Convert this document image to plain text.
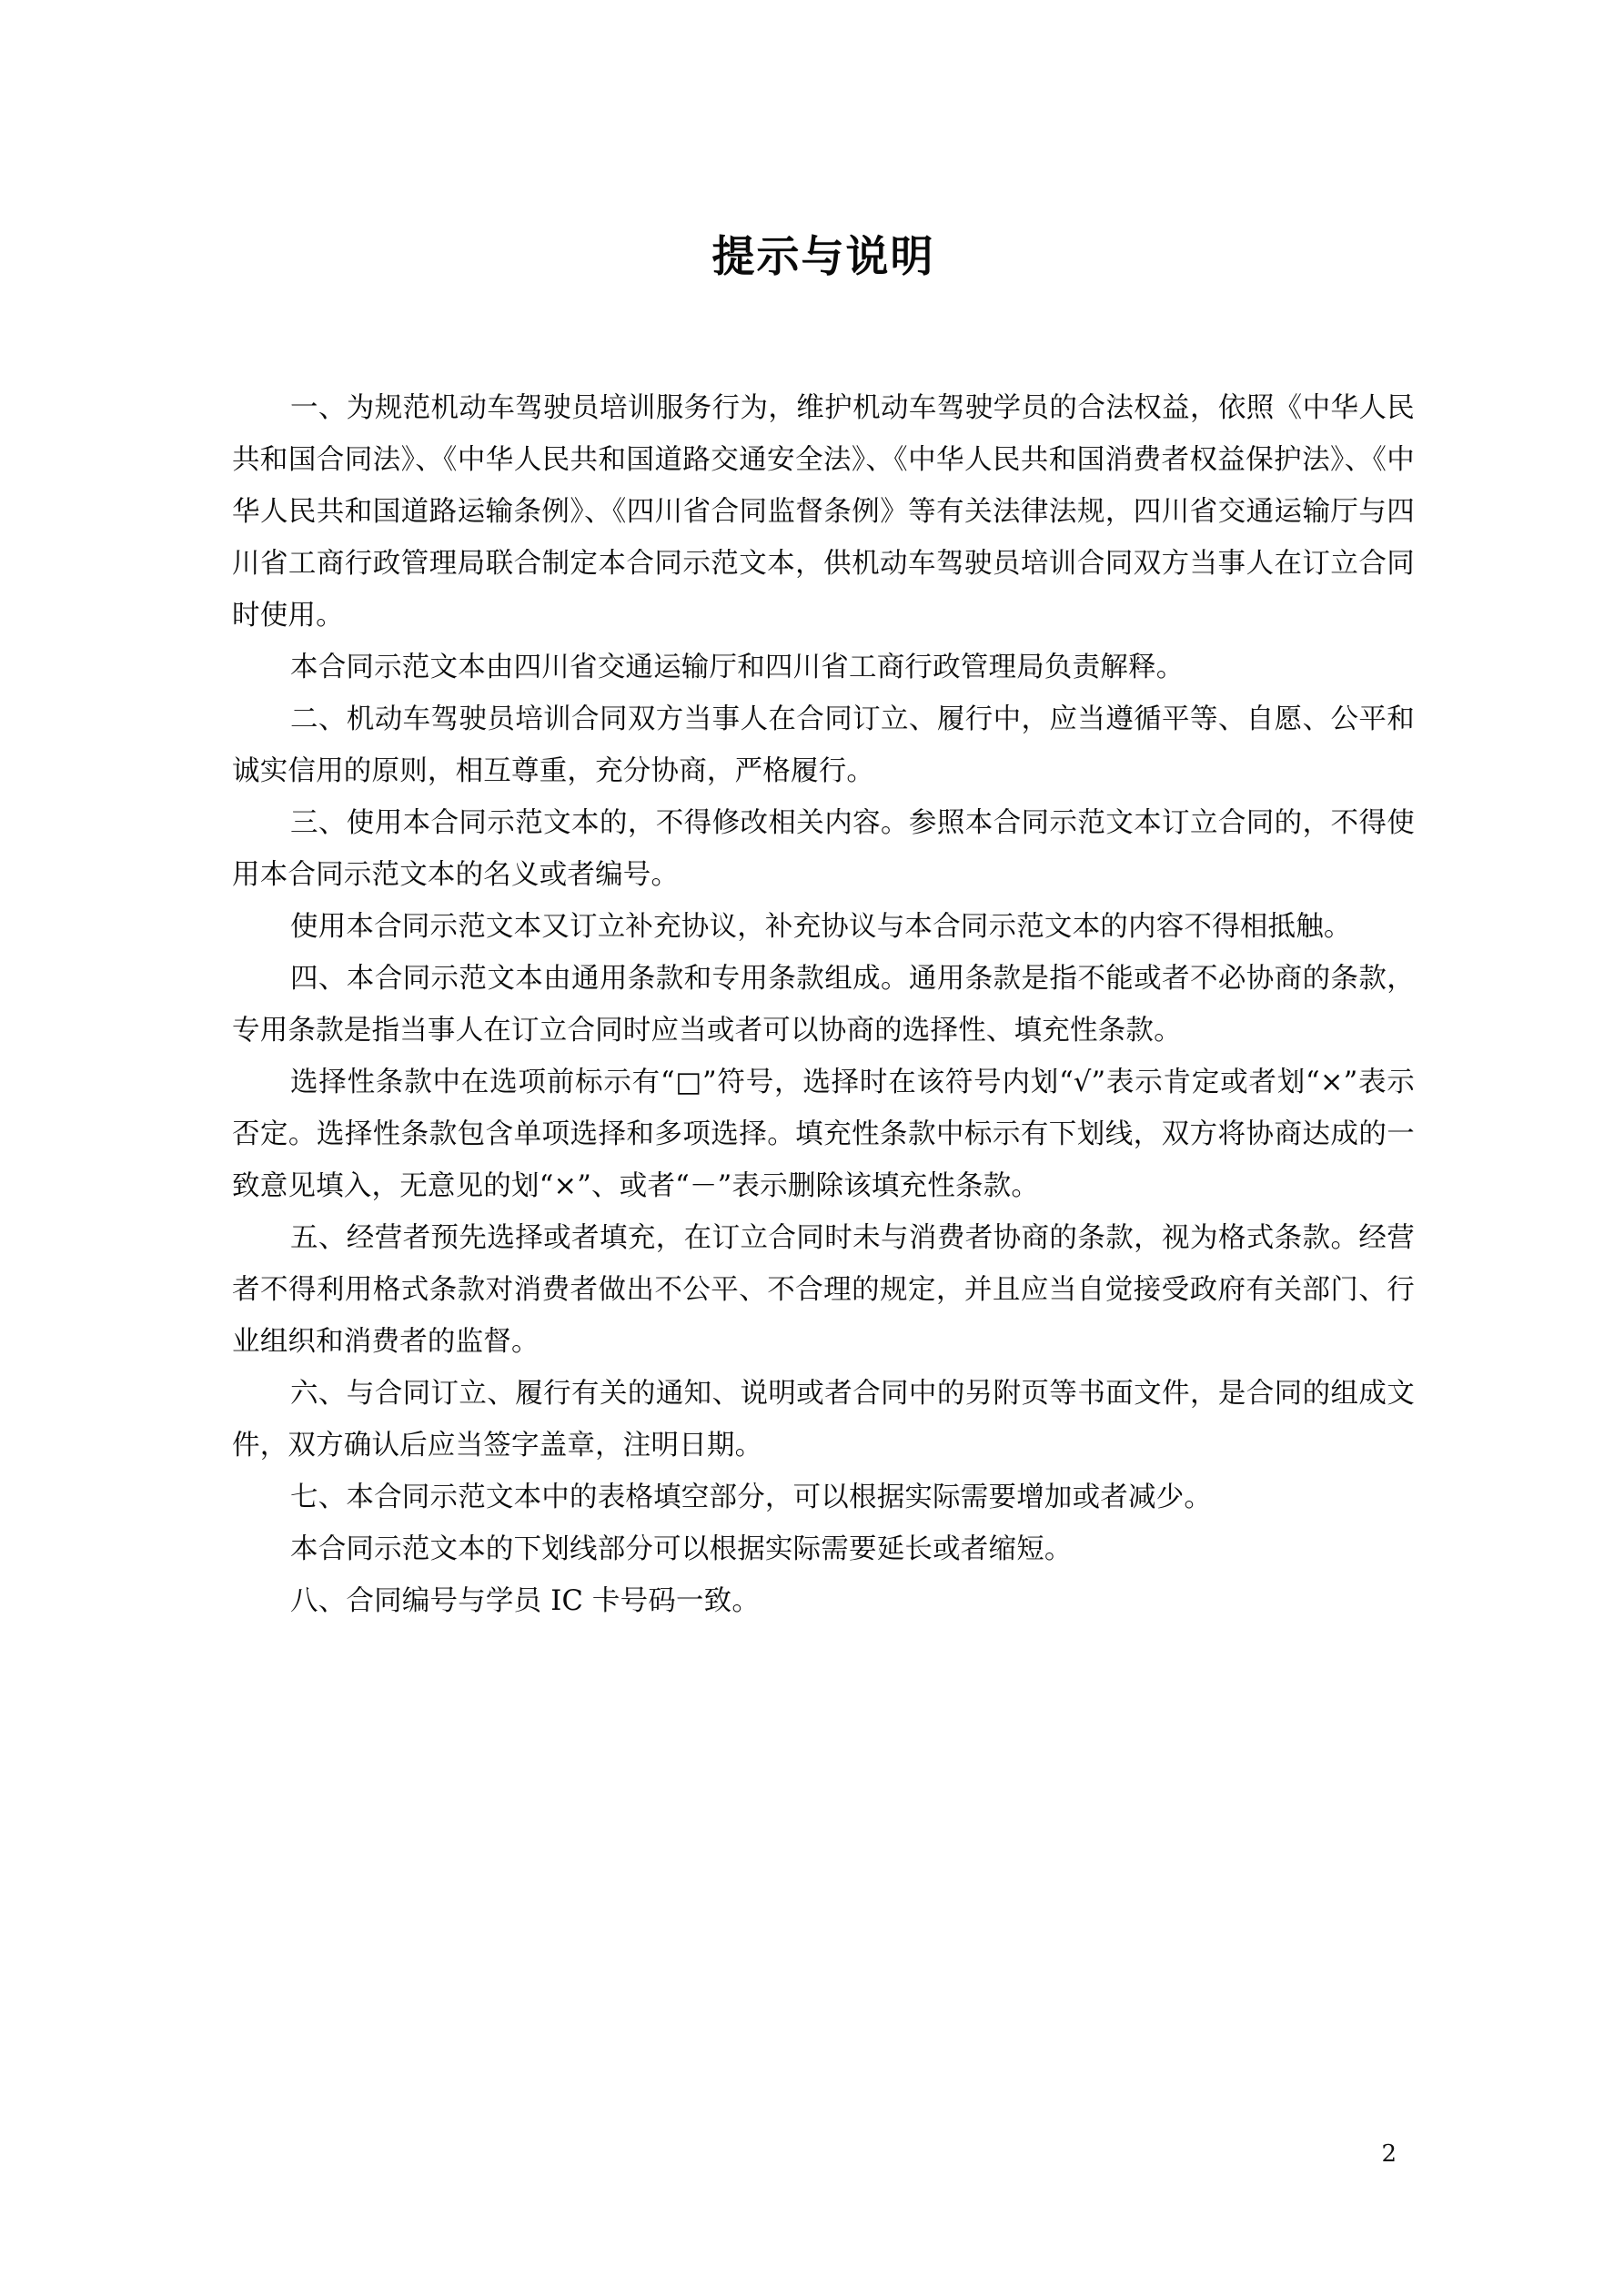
提示与说明

一、为规范机动车驾驶员培训服务行为，维护机动车驾驶学员的合法权益，依照《中华人民共和国合同法》、《中华人民共和国道路交通安全法》、《中华人民共和国消费者权益保护法》、《中华人民共和国道路运输条例》、《四川省合同监督条例》等有关法律法规，四川省交通运输厅与四川省工商行政管理局联合制定本合同示范文本，供机动车驾驶员培训合同双方当事人在订立合同时使用。

本合同示范文本由四川省交通运输厅和四川省工商行政管理局负责解释。

二、机动车驾驶员培训合同双方当事人在合同订立、履行中，应当遵循平等、自愿、公平和诚实信用的原则，相互尊重，充分协商，严格履行。

三、使用本合同示范文本的，不得修改相关内容。参照本合同示范文本订立合同的，不得使用本合同示范文本的名义或者编号。

使用本合同示范文本又订立补充协议，补充协议与本合同示范文本的内容不得相抵触。

四、本合同示范文本由通用条款和专用条款组成。通用条款是指不能或者不必协商的条款，专用条款是指当事人在订立合同时应当或者可以协商的选择性、填充性条款。

选择性条款中在选项前标示有“□”符号，选择时在该符号内划“√”表示肯定或者划“×”表示否定。选择性条款包含单项选择和多项选择。填充性条款中标示有下划线，双方将协商达成的一致意见填入，无意见的划“×”、或者“－”表示删除该填充性条款。

五、经营者预先选择或者填充，在订立合同时未与消费者协商的条款，视为格式条款。经营者不得利用格式条款对消费者做出不公平、不合理的规定，并且应当自觉接受政府有关部门、行业组织和消费者的监督。

六、与合同订立、履行有关的通知、说明或者合同中的另附页等书面文件，是合同的组成文件，双方确认后应当签字盖章，注明日期。

七、本合同示范文本中的表格填空部分，可以根据实际需要增加或者减少。

本合同示范文本的下划线部分可以根据实际需要延长或者缩短。

八、合同编号与学员 IC 卡号码一致。

2
